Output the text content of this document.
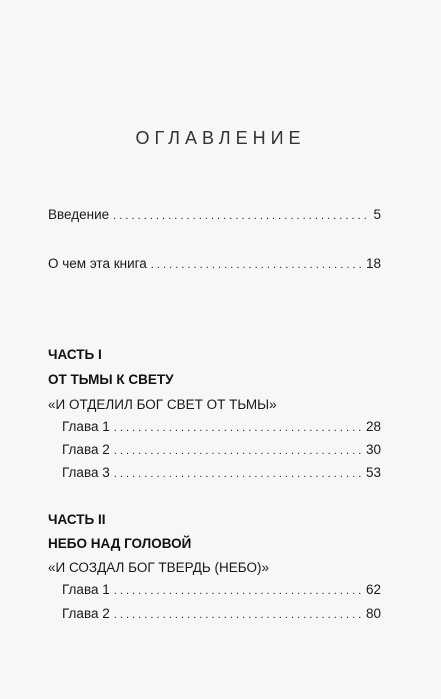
ОГЛАВЛЕНИЕ
Введение . . .	5
О чем эта книга . . .	18
ЧАСТЬ I
ОТ ТЬМЫ К СВЕТУ
«И ОТДЕЛИЛ БОГ СВЕТ ОТ ТЬМЫ»
Глава 1 . . .	28
Глава 2 . . .	30
Глава 3 . . .	53
ЧАСТЬ II
НЕБО НАД ГОЛОВОЙ
«И СОЗДАЛ БОГ ТВЕРДЬ (НЕБО)»
Глава 1 . . .	62
Глава 2 . . .	80
